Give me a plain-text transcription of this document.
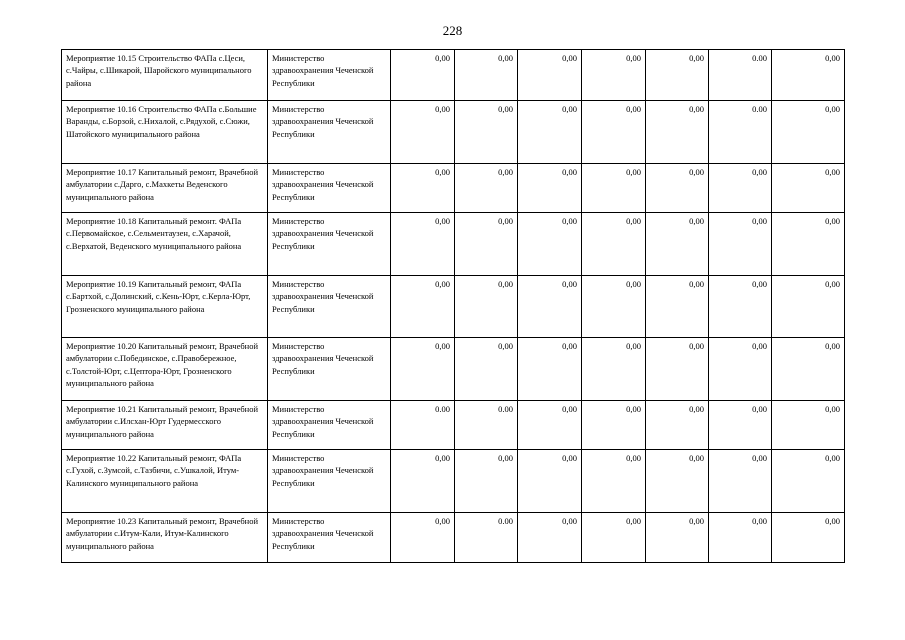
228
Мероприятие 10.15 Строительство ФАПа с.Цеси, с.Чайры, с.Шикарой, Шаройского муниципального района	Министерство здравоохранения Чеченской Республики	0,00	0,00	0,00	0,00	0,00	0.00	0,00
Мероприятие 10.16 Строительство ФАПа с.Большие Варанды, с.Борзой, с.Нихалой, с.Рядухой, с.Сюжи, Шатойского муниципального района	Министерство здравоохранения Чеченской Республики	0,00	0,00	0,00	0,00	0,00	0.00	0,00
Мероприятие 10.17 Капитальный ремонт, Врачебной амбулатории с.Дарго, с.Махкеты Веденского муниципального района	Министерство здравоохранения Чеченской Республики	0,00	0,00	0,00	0,00	0,00	0,00	0,00
Мероприятие 10.18 Капитальный ремонт. ФАПа с.Первомайское, с.Сельментаузен, с.Харачой, с.Верхатой, Веденского муниципального района	Министерство здравоохранения Чеченской Республики	0,00	0,00	0,00	0,00	0,00	0,00	0,00
Мероприятие 10.19 Капитальный ремонт, ФАПа с.Бартхой, с.Долинский, с.Кень-Юрт, с.Керла-Юрт, Грозненского муниципального района	Министерство здравоохранения Чеченской Республики	0,00	0,00	0,00	0,00	0,00	0,00	0,00
Мероприятие 10.20 Капитальный ремонт, Врачебной амбулатории с.Побединское, с.Правобережное, с.Толстой-Юрт, с.Цептора-Юрт, Грозненского муниципального района	Министерство здравоохранения Чеченской Республики	0,00	0,00	0,00	0,00	0,00	0,00	0,00
Мероприятие 10.21 Капитальный ремонт, Врачебной амбулатории с.Илсхан-Юрт Гудермесского муниципального района	Министерство здравоохранения Чеченской Республики	0.00	0.00	0,00	0,00	0,00	0,00	0,00
Мероприятие 10.22 Капитальный ремонт, ФАПа с.Гухой, с.Зумсой, с.Тазбичи, с.Ушкалой, Итум-Калинского муниципального района	Министерство здравоохранения Чеченской Республики	0,00	0,00	0,00	0,00	0,00	0,00	0,00
Мероприятие 10.23 Капитальный ремонт, Врачебной амбулатории с.Итум-Кали, Итум-Калинского муниципального района	Министерство здравоохранения Чеченской Республики	0,00	0.00	0,00	0,00	0,00	0,00	0,00
